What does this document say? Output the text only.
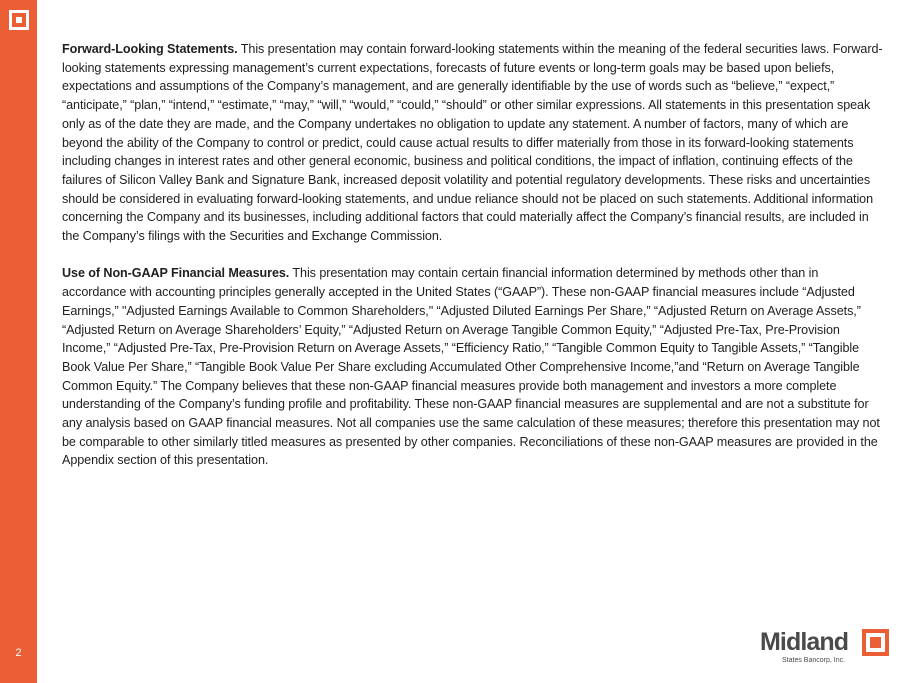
2

Forward-Looking Statements. This presentation may contain forward-looking statements within the meaning of the federal securities laws. Forward-looking statements expressing management’s current expectations, forecasts of future events or long-term goals may be based upon beliefs, expectations and assumptions of the Company’s management, and are generally identifiable by the use of words such as “believe,” “expect,” “anticipate,” “plan,” “intend,” “estimate,” “may,” “will,” “would,” “could,” “should” or other similar expressions. All statements in this presentation speak only as of the date they are made, and the Company undertakes no obligation to update any statement. A number of factors, many of which are beyond the ability of the Company to control or predict, could cause actual results to differ materially from those in its forward-looking statements including changes in interest rates and other general economic, business and political conditions, the impact of inflation, continuing effects of the failures of Silicon Valley Bank and Signature Bank, increased deposit volatility and potential regulatory developments. These risks and uncertainties should be considered in evaluating forward-looking statements, and undue reliance should not be placed on such statements. Additional information concerning the Company and its businesses, including additional factors that could materially affect the Company’s financial results, are included in the Company’s filings with the Securities and Exchange Commission.

Use of Non-GAAP Financial Measures. This presentation may contain certain financial information determined by methods other than in accordance with accounting principles generally accepted in the United States (“GAAP”). These non-GAAP financial measures include “Adjusted Earnings,” "Adjusted Earnings Available to Common Shareholders," “Adjusted Diluted Earnings Per Share,” “Adjusted Return on Average Assets,” “Adjusted Return on Average Shareholders’ Equity,” “Adjusted Return on Average Tangible Common Equity,” “Adjusted Pre-Tax, Pre-Provision Income,” “Adjusted Pre-Tax, Pre-Provision Return on Average Assets,” “Efficiency Ratio,” “Tangible Common Equity to Tangible Assets,” “Tangible Book Value Per Share,” “Tangible Book Value Per Share excluding Accumulated Other Comprehensive Income,”and “Return on Average Tangible Common Equity.” The Company believes that these non-GAAP financial measures provide both management and investors a more complete understanding of the Company’s funding profile and profitability. These non-GAAP financial measures are supplemental and are not a substitute for any analysis based on GAAP financial measures. Not all companies use the same calculation of these measures; therefore this presentation may not be comparable to other similarly titled measures as presented by other companies. Reconciliations of these non-GAAP measures are provided in the Appendix section of this presentation.

Midland
States Bancorp, Inc.
